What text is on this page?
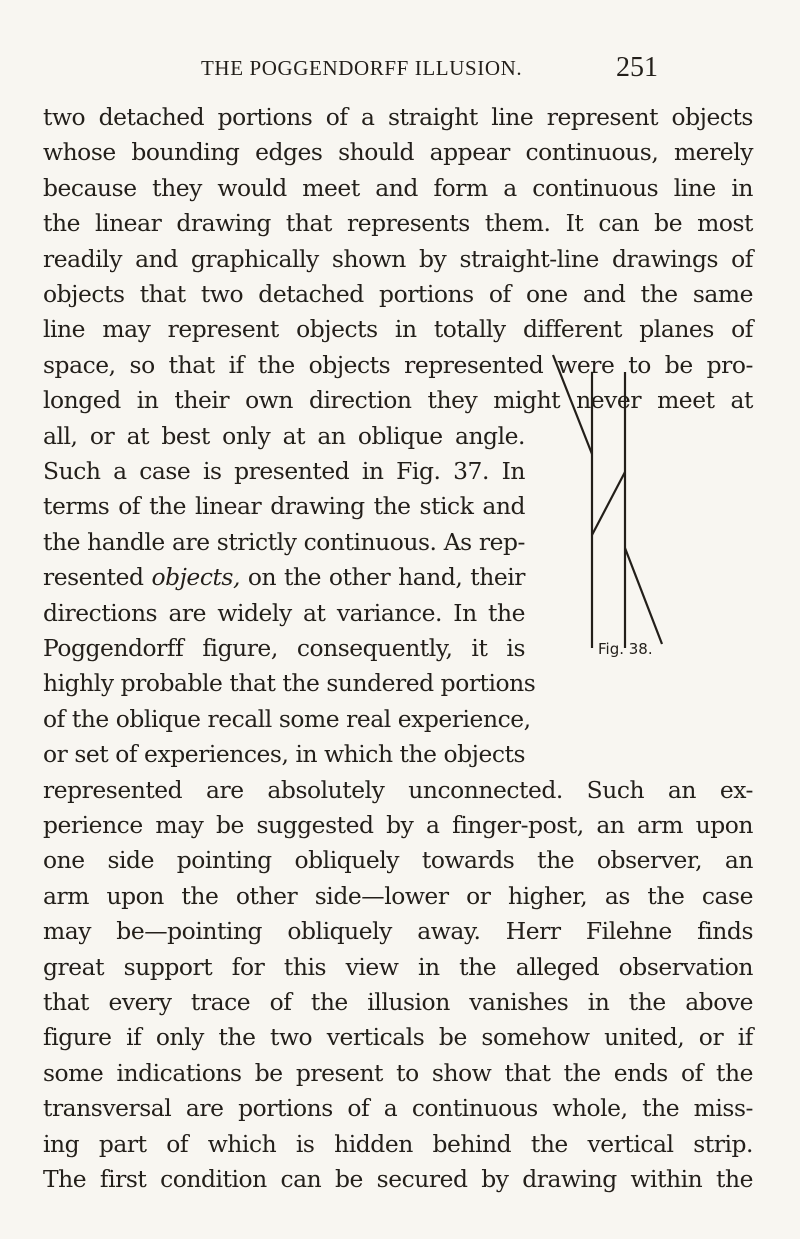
THE POGGENDORFF ILLUSION.	251
two detached portions of a straight line represent objects
whose bounding edges should appear continuous, merely
because they would meet and form a continuous line in
the linear drawing that represents them. It can be most
readily and graphically shown by straight-line drawings of
objects that two detached portions of one and the same
line may represent objects in totally different planes of
space, so that if the objects represented were to be pro-
longed in their own direction they might never meet at
all, or at best only at an oblique angle.
Such a case is presented in Fig. 37. In
terms of the linear drawing the stick and
the handle are strictly continuous. As rep-
resented objects, on the other hand, their
directions are widely at variance. In the
Poggendorff figure, consequently, it is
highly probable that the sundered portions
of the oblique recall some real experience,
or set of experiences, in which the objects
Fig. 38.
represented are absolutely unconnected. Such an ex-
perience may be suggested by a finger-post, an arm upon
one side pointing obliquely towards the observer, an
arm upon the other side—lower or higher, as the case
may be—pointing obliquely away. Herr Filehne finds
great support for this view in the alleged observation
that every trace of the illusion vanishes in the above
figure if only the two verticals be somehow united, or if
some indications be present to show that the ends of the
transversal are portions of a continuous whole, the miss-
ing part of which is hidden behind the vertical strip.
The first condition can be secured by drawing within the
